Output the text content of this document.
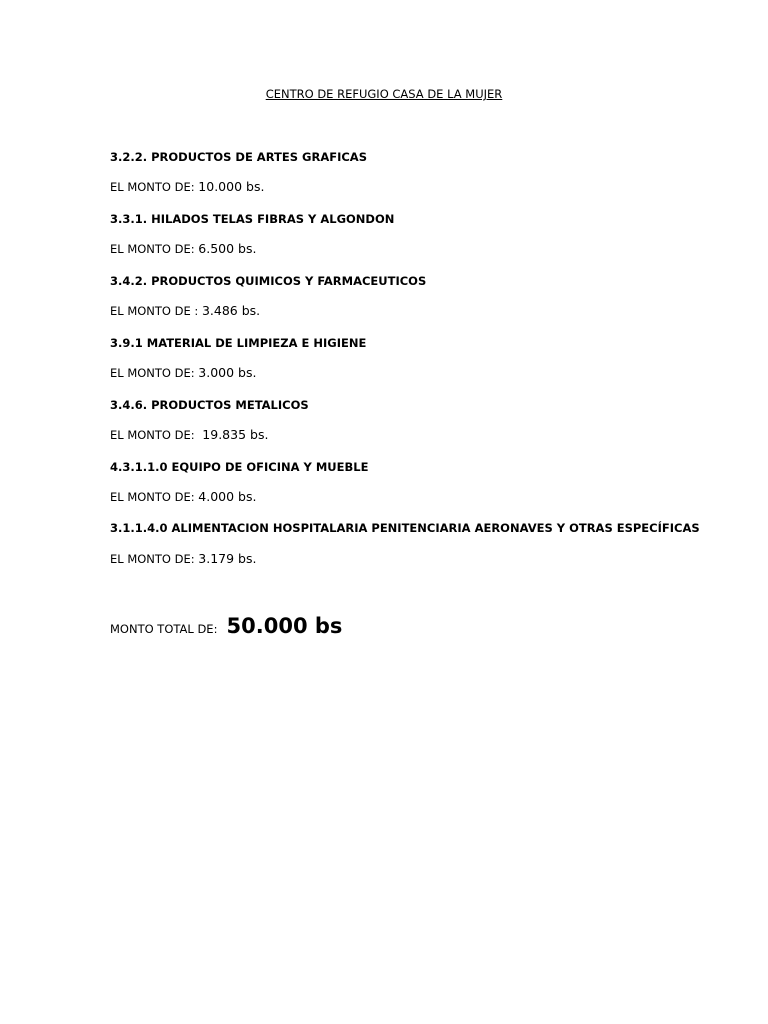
CENTRO DE REFUGIO CASA DE LA MUJER
3.2.2. PRODUCTOS DE ARTES GRAFICAS
EL MONTO DE: 10.000 bs.
3.3.1. HILADOS TELAS FIBRAS Y ALGONDON
EL MONTO DE: 6.500 bs.
3.4.2. PRODUCTOS QUIMICOS Y FARMACEUTICOS
EL MONTO DE : 3.486 bs.
3.9.1 MATERIAL DE LIMPIEZA E HIGIENE
EL MONTO DE: 3.000 bs.
3.4.6. PRODUCTOS METALICOS
EL MONTO DE: 19.835 bs.
4.3.1.1.0 EQUIPO DE OFICINA Y MUEBLE
EL MONTO DE: 4.000 bs.
3.1.1.4.0 ALIMENTACION HOSPITALARIA PENITENCIARIA AERONAVES Y OTRAS ESPECÍFICAS
EL MONTO DE: 3.179 bs.
MONTO TOTAL DE: 50.000 bs
